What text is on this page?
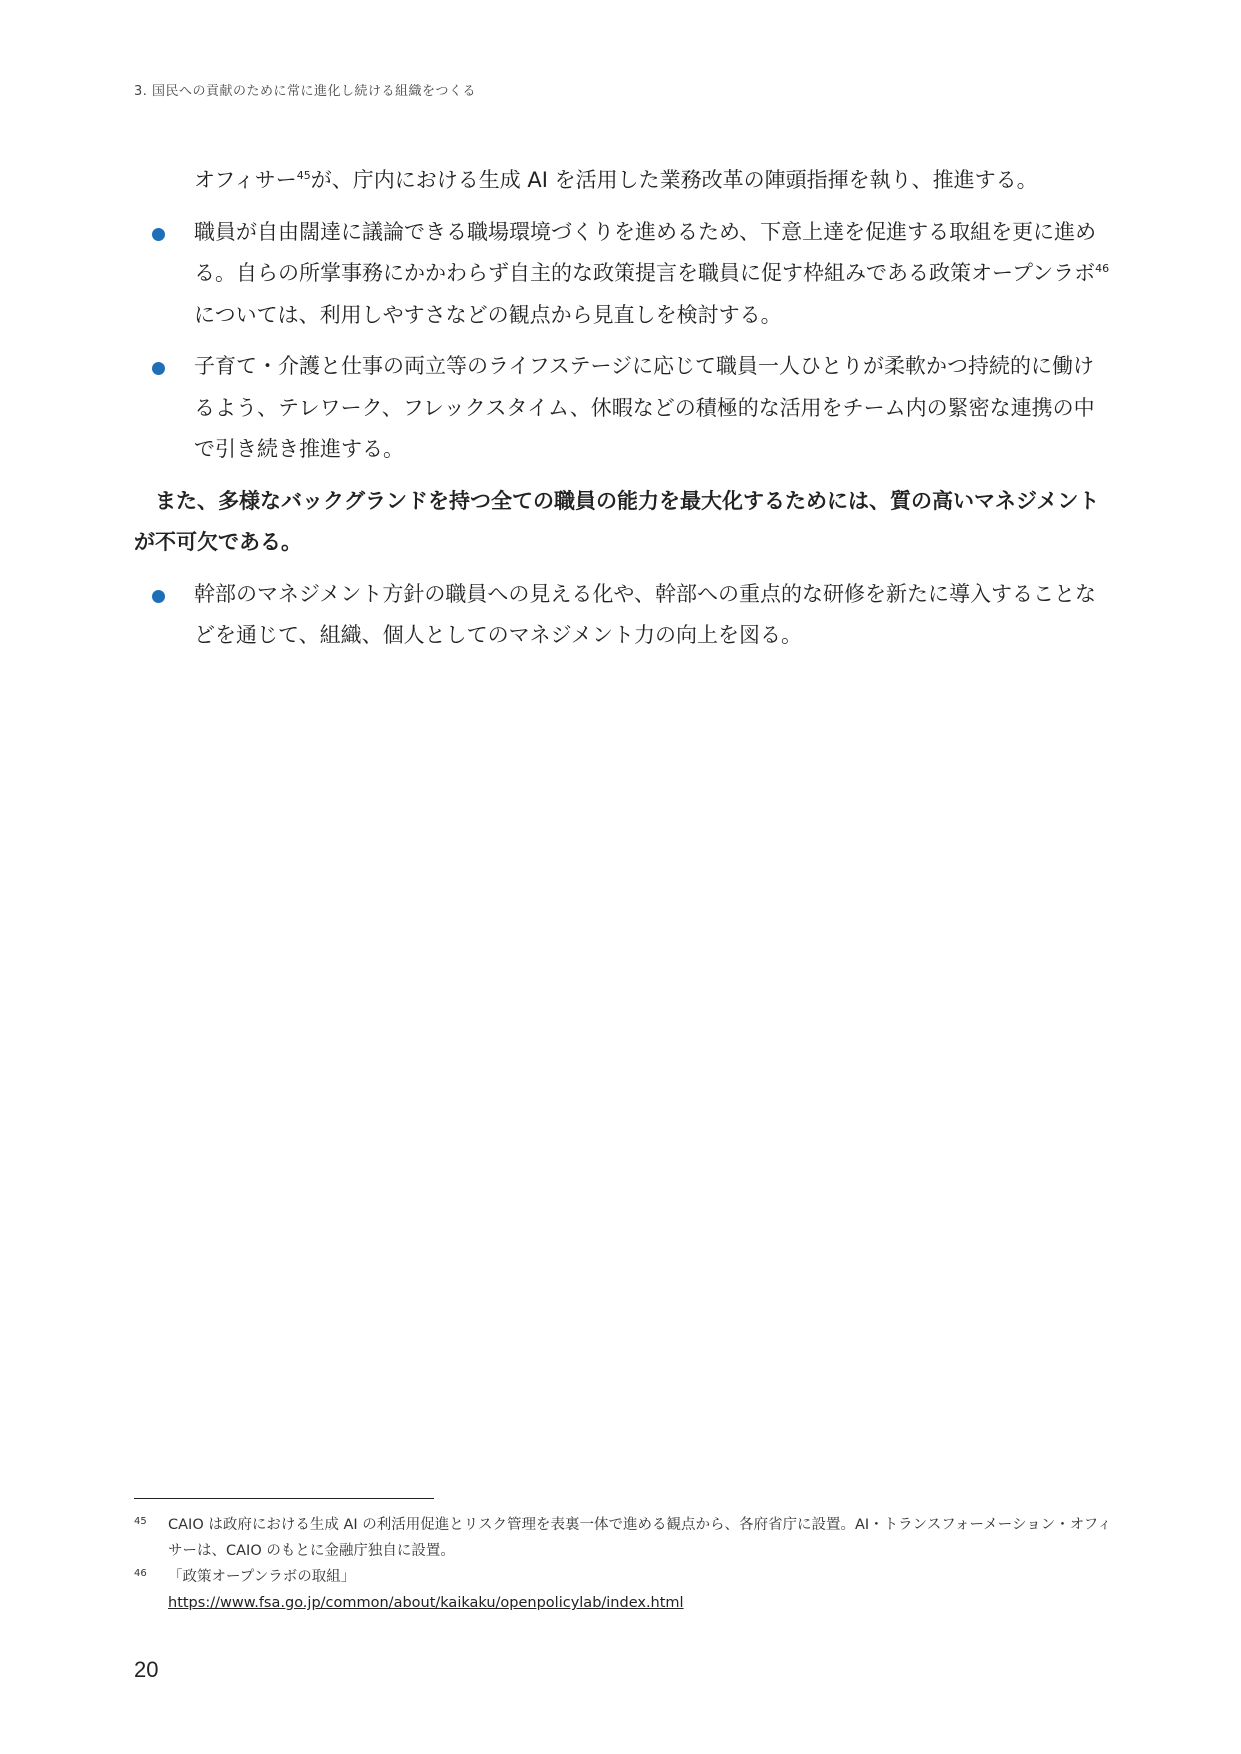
3. 国民への貢献のために常に進化し続ける組織をつくる

オフィサー$^{45}$が、庁内における生成 AI を活用した業務改革の陣頭指揮を執り、推進する。

職員が自由闊達に議論できる職場環境づくりを進めるため、下意上達を促進する取組を更に進める。自らの所掌事務にかかわらず自主的な政策提言を職員に促す枠組みである政策オープンラボ$^{46}$については、利用しやすさなどの観点から見直しを検討する。
子育て・介護と仕事の両立等のライフステージに応じて職員一人ひとりが柔軟かつ持続的に働けるよう、テレワーク、フレックスタイム、休暇などの積極的な活用をチーム内の緊密な連携の中で引き続き推進する。

また、多様なバックグランドを持つ全ての職員の能力を最大化するためには、質の高いマネジメントが不可欠である。

幹部のマネジメント方針の職員への見える化や、幹部への重点的な研修を新たに導入することなどを通じて、組織、個人としてのマネジメント力の向上を図る。
45 CAIO は政府における生成 AI の利活用促進とリスク管理を表裏一体で進める観点から、各府省庁に設置。AI・トランスフォーメーション・オフィサーは、CAIO のもとに金融庁独自に設置。
46 「政策オープンラボの取組」
https://www.fsa.go.jp/common/about/kaikaku/openpolicylab/index.html
20
